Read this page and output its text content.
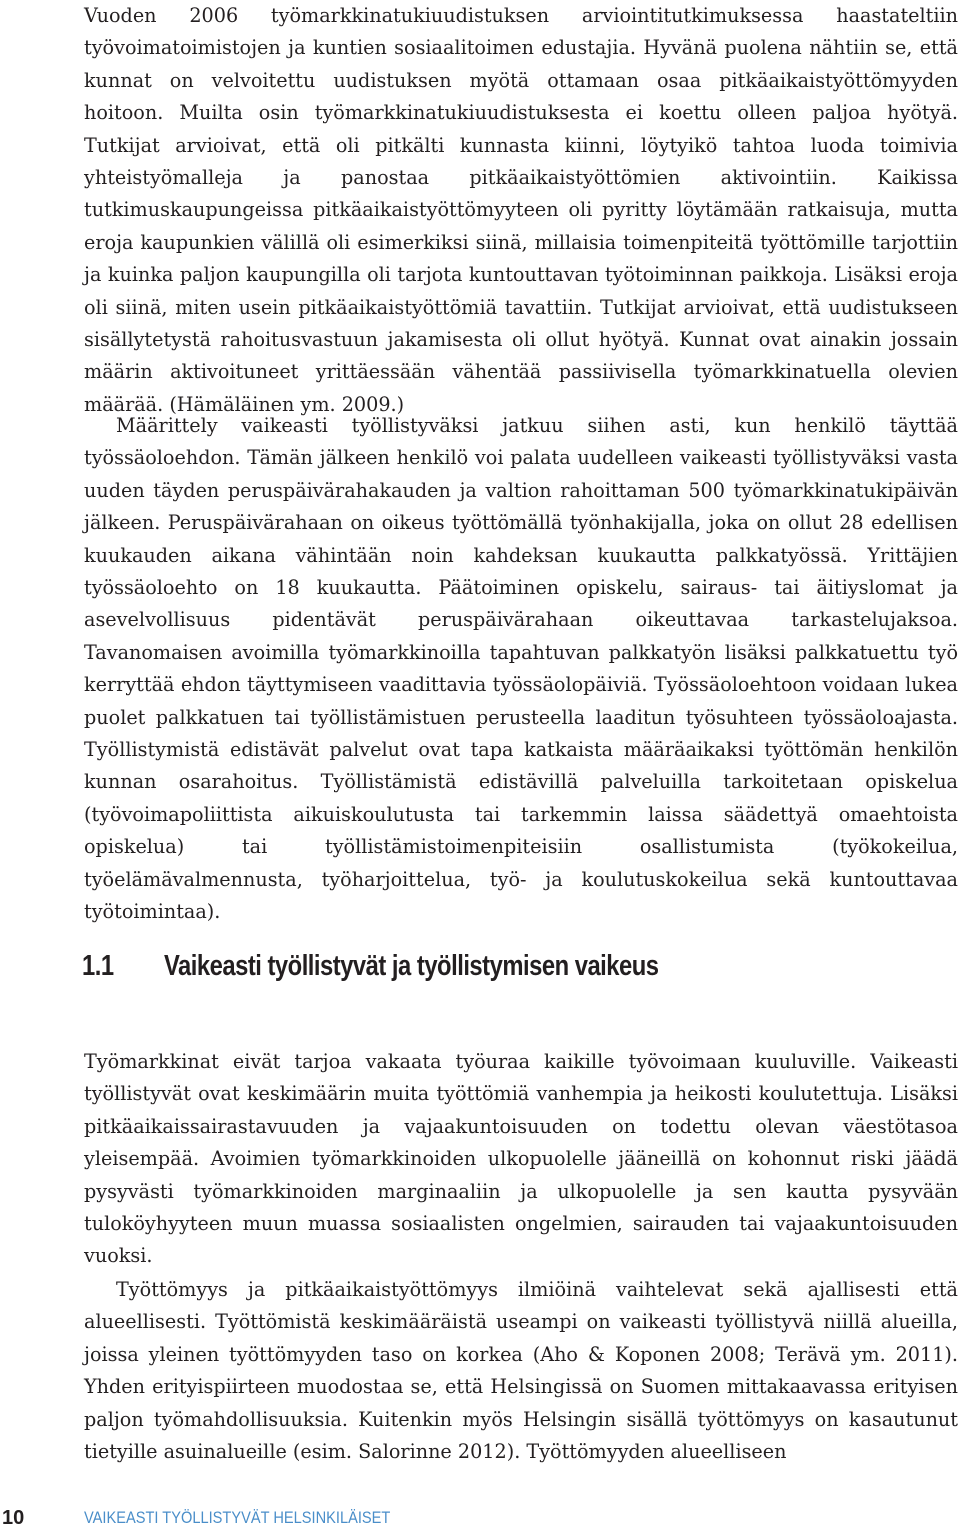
Vuoden 2006 työmarkkinatukiuudistuksen arviointitutkimuksessa haastateltiin työvoimatoimistojen ja kuntien sosiaalitoimen edustajia. Hyvänä puolena nähtiin se, että kunnat on velvoitettu uudistuksen myötä ottamaan osaa pitkäaikaistyöttömyyden hoitoon. Muilta osin työmarkkinatukiuudistuksesta ei koettu olleen paljoa hyötyä. Tutkijat arvioivat, että oli pitkälti kunnasta kiinni, löytyikö tahtoa luoda toimivia yhteistyömalleja ja panostaa pitkäaikaistyöttömien aktivointiin. Kaikissa tutkimuskaupungeissa pitkäaikaistyöttömyyteen oli pyritty löytämään ratkaisuja, mutta eroja kaupunkien välillä oli esimerkiksi siinä, millaisia toimenpiteitä työttömille tarjottiin ja kuinka paljon kaupungilla oli tarjota kuntouttavan työtoiminnan paikkoja. Lisäksi eroja oli siinä, miten usein pitkäaikaistyöttömiä tavattiin. Tutkijat arvioivat, että uudistukseen sisällytetystä rahoitusvastuun jakamisesta oli ollut hyötyä. Kunnat ovat ainakin jossain määrin aktivoituneet yrittäessään vähentää passiivisella työmarkkinatuella olevien määrää. (Hämäläinen ym. 2009.)

Määrittely vaikeasti työllistyväksi jatkuu siihen asti, kun henkilö täyttää työssäoloehdon. Tämän jälkeen henkilö voi palata uudelleen vaikeasti työllistyväksi vasta uuden täyden peruspäivärahakauden ja valtion rahoittaman 500 työmarkkinatukipäivän jälkeen. Peruspäivärahaan on oikeus työttömällä työnhakijalla, joka on ollut 28 edellisen kuukauden aikana vähintään noin kahdeksan kuukautta palkkatyössä. Yrittäjien työssäoloehto on 18 kuukautta. Päätoiminen opiskelu, sairaus- tai äitiyslomat ja asevelvollisuus pidentävät peruspäivärahaan oikeuttavaa tarkastelujaksoa. Tavanomaisen avoimilla työmarkkinoilla tapahtuvan palkkatyön lisäksi palkkatuettu työ kerryttää ehdon täyttymiseen vaadittavia työssäolopäiviä. Työssäoloehtoon voidaan lukea puolet palkkatuen tai työllistämistuen perusteella laaditun työsuhteen työssäoloajasta. Työllistymistä edistävät palvelut ovat tapa katkaista määräaikaksi työttömän henkilön kunnan osarahoitus. Työllistämistä edistävillä palveluilla tarkoitetaan opiskelua (työvoimapoliittista aikuiskoulutusta tai tarkemmin laissa säädettyä omaehtoista opiskelua) tai työllistämistoimenpiteisiin osallistumista (työkokeilua, työelämävalmennusta, työharjoittelua, työ- ja koulutuskokeilua sekä kuntouttavaa työtoimintaa).

1.1 Vaikeasti työllistyvät ja työllistymisen vaikeus

Työmarkkinat eivät tarjoa vakaata työuraa kaikille työvoimaan kuuluville. Vaikeasti työllistyvät ovat keskimäärin muita työttömiä vanhempia ja heikosti koulutettuja. Lisäksi pitkäaikaissairastavuuden ja vajaakuntoisuuden on todettu olevan väestötasoa yleisempää. Avoimien työmarkkinoiden ulkopuolelle jääneillä on kohonnut riski jäädä pysyvästi työmarkkinoiden marginaaliin ja ulkopuolelle ja sen kautta pysyvään tuloköyhyyteen muun muassa sosiaalisten ongelmien, sairauden tai vajaakuntoisuuden vuoksi.

Työttömyys ja pitkäaikaistyöttömyys ilmiöinä vaihtelevat sekä ajallisesti että alueellisesti. Työttömistä keskimääräistä useampi on vaikeasti työllistyvä niillä alueilla, joissa yleinen työttömyyden taso on korkea (Aho & Koponen 2008; Terävä ym. 2011). Yhden erityispiirteen muodostaa se, että Helsingissä on Suomen mittakaavassa erityisen paljon työmahdollisuuksia. Kuitenkin myös Helsingin sisällä työttömyys on kasautunut tietyille asuinalueille (esim. Salorinne 2012). Työttömyyden alueelliseen

10	VAIKEASTI TYÖLLISTYVÄT HELSINKILÄISET
